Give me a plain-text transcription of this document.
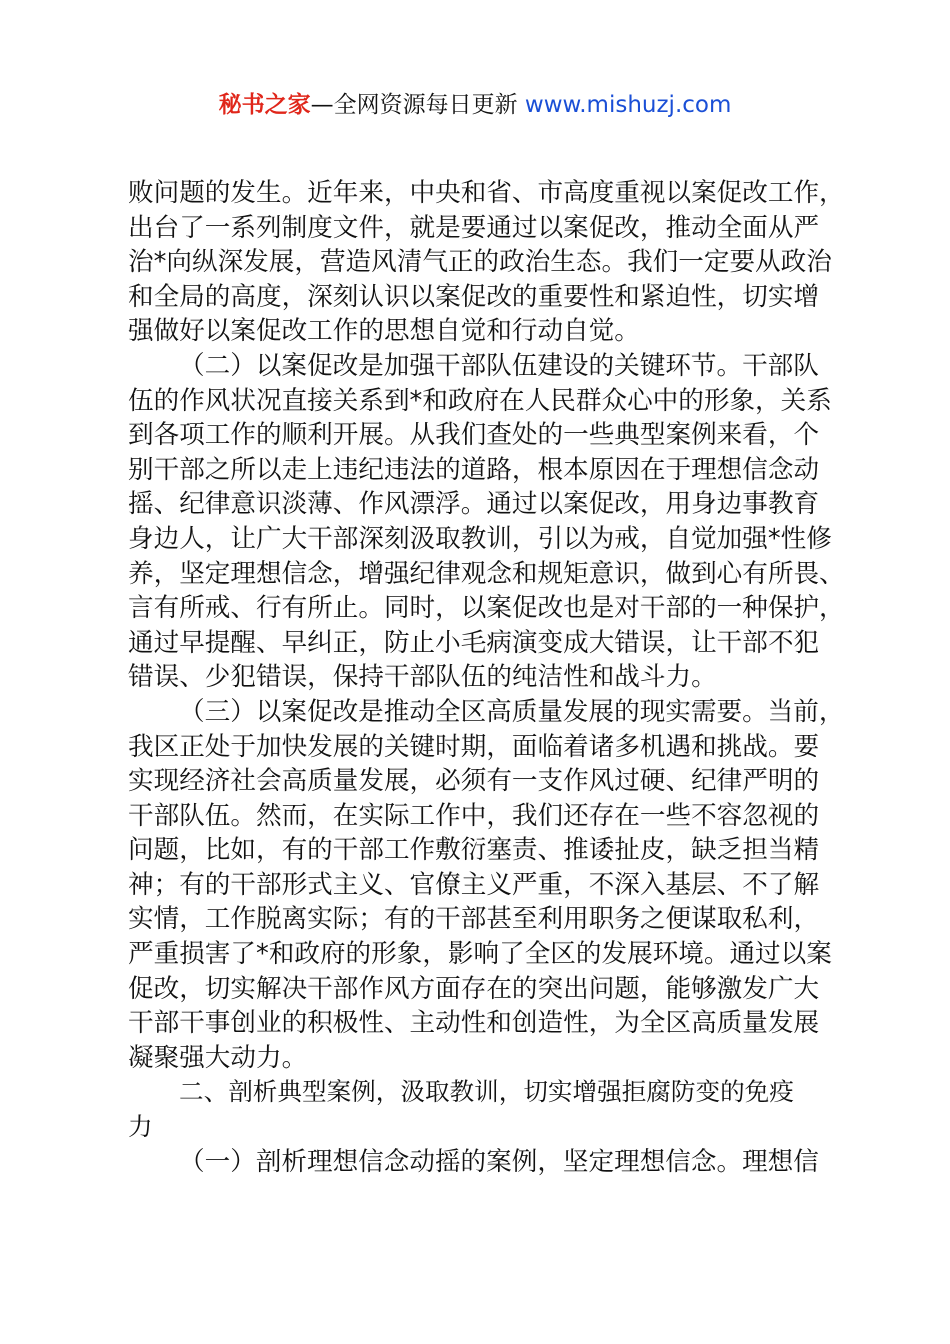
秘书之家—全网资源每日更新 www.mishuzj.com
败问题的发生。近年来，中央和省、市高度重视以案促改工作，
出台了一系列制度文件，就是要通过以案促改，推动全面从严
治*向纵深发展，营造风清气正的政治生态。我们一定要从政治
和全局的高度，深刻认识以案促改的重要性和紧迫性，切实增
强做好以案促改工作的思想自觉和行动自觉。
（二）以案促改是加强干部队伍建设的关键环节。干部队
伍的作风状况直接关系到*和政府在人民群众心中的形象，关系
到各项工作的顺利开展。从我们查处的一些典型案例来看，个
别干部之所以走上违纪违法的道路，根本原因在于理想信念动
摇、纪律意识淡薄、作风漂浮。通过以案促改，用身边事教育
身边人，让广大干部深刻汲取教训，引以为戒，自觉加强*性修
养，坚定理想信念，增强纪律观念和规矩意识，做到心有所畏、
言有所戒、行有所止。同时，以案促改也是对干部的一种保护，
通过早提醒、早纠正，防止小毛病演变成大错误，让干部不犯
错误、少犯错误，保持干部队伍的纯洁性和战斗力。
（三）以案促改是推动全区高质量发展的现实需要。当前，
我区正处于加快发展的关键时期，面临着诸多机遇和挑战。要
实现经济社会高质量发展，必须有一支作风过硬、纪律严明的
干部队伍。然而，在实际工作中，我们还存在一些不容忽视的
问题，比如，有的干部工作敷衍塞责、推诿扯皮，缺乏担当精
神；有的干部形式主义、官僚主义严重，不深入基层、不了解
实情，工作脱离实际；有的干部甚至利用职务之便谋取私利，
严重损害了*和政府的形象，影响了全区的发展环境。通过以案
促改，切实解决干部作风方面存在的突出问题，能够激发广大
干部干事创业的积极性、主动性和创造性，为全区高质量发展
凝聚强大动力。
二、剖析典型案例，汲取教训，切实增强拒腐防变的免疫
力
（一）剖析理想信念动摇的案例，坚定理想信念。理想信
